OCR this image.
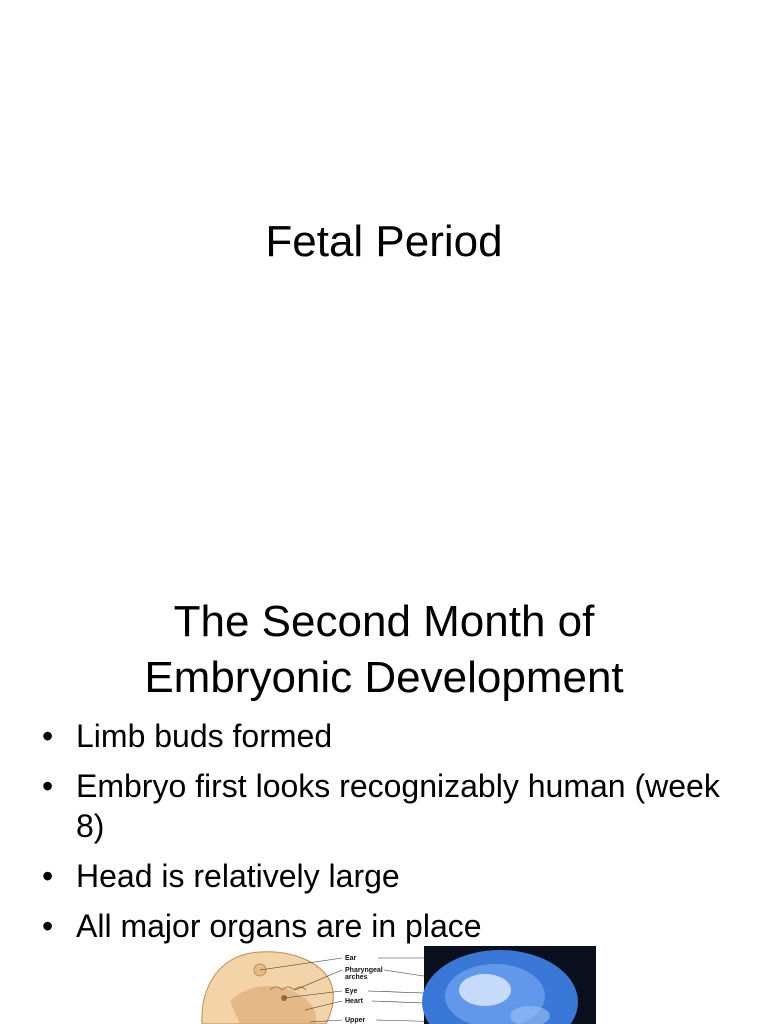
Fetal Period
The Second Month of
Embryonic Development
• Limb buds formed
• Embryo first looks recognizably human (week 8)
• Head is relatively large
• All major organs are in place
Ear
Pharyngeal arches
Eye
Heart
Upper
